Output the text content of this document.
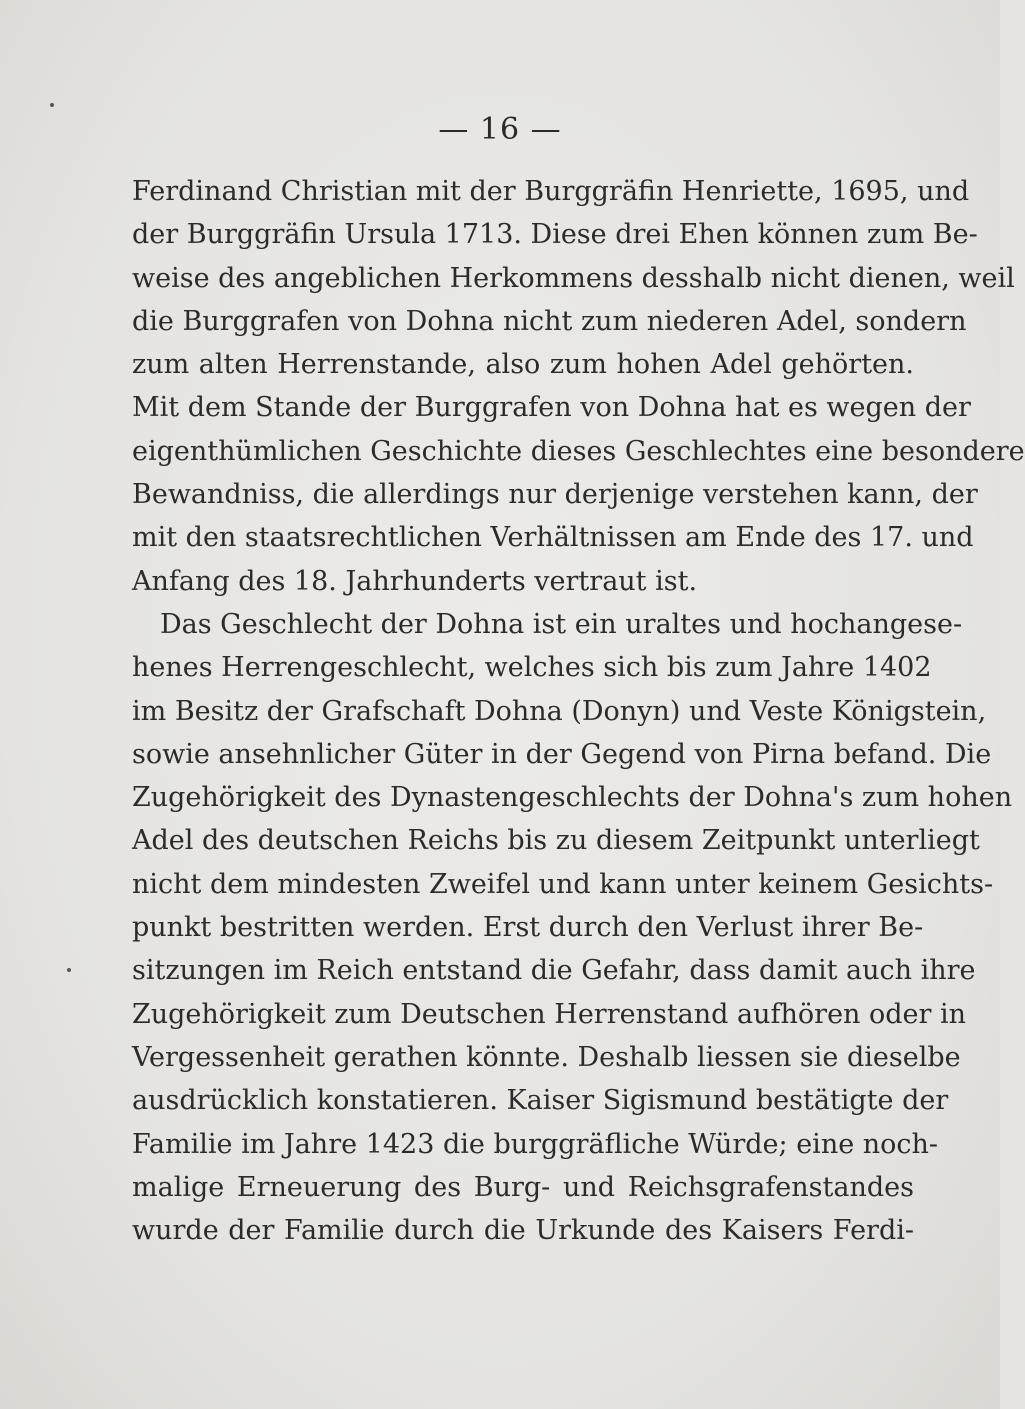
— 16 —
Ferdinand Christian mit der Burggräfin Henriette, 1695, und
der Burggräfin Ursula 1713. Diese drei Ehen können zum Be-
weise des angeblichen Herkommens desshalb nicht dienen, weil
die Burggrafen von Dohna nicht zum niederen Adel, sondern
zum alten Herrenstande, also zum hohen Adel gehörten.
Mit dem Stande der Burggrafen von Dohna hat es wegen der
eigenthümlichen Geschichte dieses Geschlechtes eine besondere
Bewandniss, die allerdings nur derjenige verstehen kann, der
mit den staatsrechtlichen Verhältnissen am Ende des 17. und
Anfang des 18. Jahrhunderts vertraut ist.
Das Geschlecht der Dohna ist ein uraltes und hochangese-
henes Herrengeschlecht, welches sich bis zum Jahre 1402
im Besitz der Grafschaft Dohna (Donyn) und Veste Königstein,
sowie ansehnlicher Güter in der Gegend von Pirna befand. Die
Zugehörigkeit des Dynastengeschlechts der Dohna's zum hohen
Adel des deutschen Reichs bis zu diesem Zeitpunkt unterliegt
nicht dem mindesten Zweifel und kann unter keinem Gesichts-
punkt bestritten werden. Erst durch den Verlust ihrer Be-
sitzungen im Reich entstand die Gefahr, dass damit auch ihre
Zugehörigkeit zum Deutschen Herrenstand aufhören oder in
Vergessenheit gerathen könnte. Deshalb liessen sie dieselbe
ausdrücklich konstatieren. Kaiser Sigismund bestätigte der
Familie im Jahre 1423 die burggräfliche Würde; eine noch-
malige Erneuerung des Burg- und Reichsgrafenstandes
wurde der Familie durch die Urkunde des Kaisers Ferdi-
